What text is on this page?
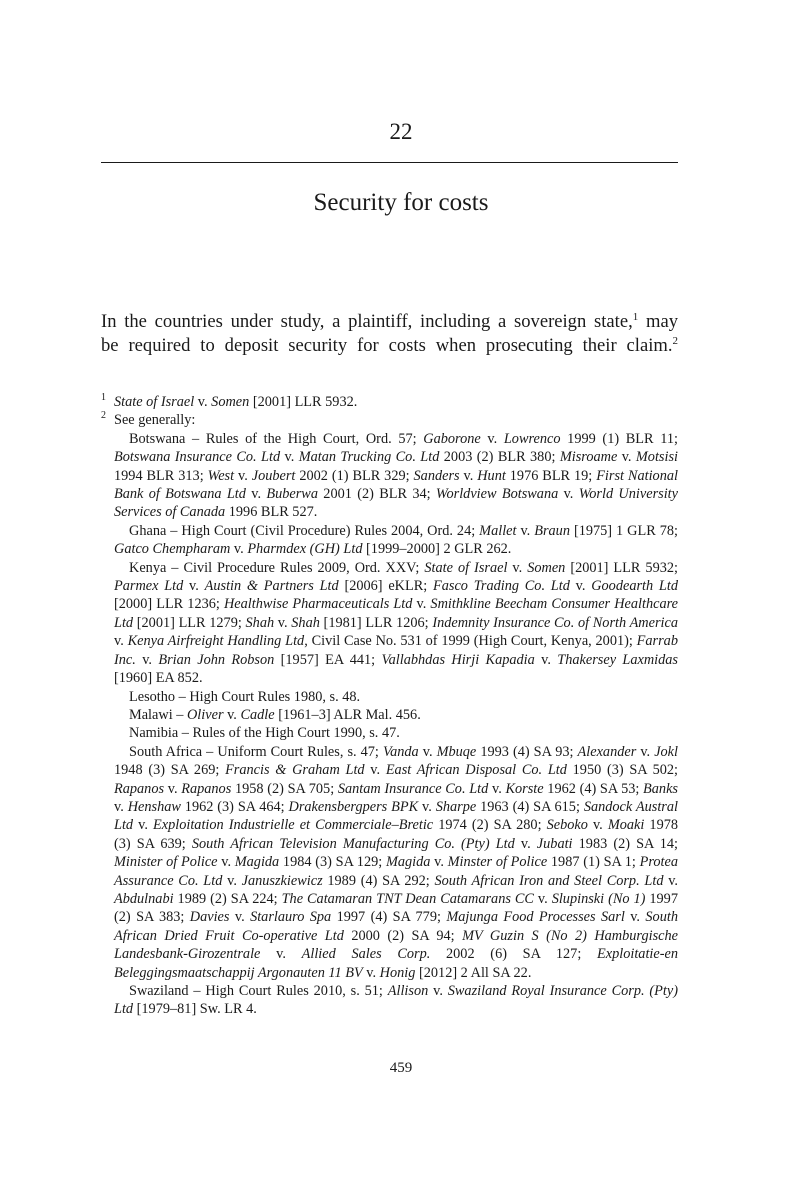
22
Security for costs
In the countries under study, a plaintiff, including a sovereign state,$^1$ may
be required to deposit security for costs when prosecuting their claim.$^2$

1 State of Israel v. Somen [2001] LLR 5932.

2 See generally:

Botswana – Rules of the High Court, Ord. 57; Gaborone v. Lowrenco 1999 (1) BLR 11; Botswana Insurance Co. Ltd v. Matan Trucking Co. Ltd 2003 (2) BLR 380; Misroame v. Motsisi 1994 BLR 313; West v. Joubert 2002 (1) BLR 329; Sanders v. Hunt 1976 BLR 19; First National Bank of Botswana Ltd v. Buberwa 2001 (2) BLR 34; Worldview Botswana v. World University Services of Canada 1996 BLR 527.

Ghana – High Court (Civil Procedure) Rules 2004, Ord. 24; Mallet v. Braun [1975] 1 GLR 78; Gatco Chempharam v. Pharmdex (GH) Ltd [1999–2000] 2 GLR 262.

Kenya – Civil Procedure Rules 2009, Ord. XXV; State of Israel v. Somen [2001] LLR 5932; Parmex Ltd v. Austin & Partners Ltd [2006] eKLR; Fasco Trading Co. Ltd v. Goodearth Ltd [2000] LLR 1236; Healthwise Pharmaceuticals Ltd v. Smithkline Beecham Consumer Healthcare Ltd [2001] LLR 1279; Shah v. Shah [1981] LLR 1206; Indemnity Insurance Co. of North America v. Kenya Airfreight Handling Ltd, Civil Case No. 531 of 1999 (High Court, Kenya, 2001); Farrab Inc. v. Brian John Robson [1957] EA 441; Vallabhdas Hirji Kapadia v. Thakersey Laxmidas [1960] EA 852.

Lesotho – High Court Rules 1980, s. 48.

Malawi – Oliver v. Cadle [1961–3] ALR Mal. 456.

Namibia – Rules of the High Court 1990, s. 47.

South Africa – Uniform Court Rules, s. 47; Vanda v. Mbuqe 1993 (4) SA 93; Alexander v. Jokl 1948 (3) SA 269; Francis & Graham Ltd v. East African Disposal Co. Ltd 1950 (3) SA 502; Rapanos v. Rapanos 1958 (2) SA 705; Santam Insurance Co. Ltd v. Korste 1962 (4) SA 53; Banks v. Henshaw 1962 (3) SA 464; Drakensbergpers BPK v. Sharpe 1963 (4) SA 615; Sandock Austral Ltd v. Exploitation Industrielle et Commerciale–Bretic 1974 (2) SA 280; Seboko v. Moaki 1978 (3) SA 639; South African Television Manufacturing Co. (Pty) Ltd v. Jubati 1983 (2) SA 14; Minister of Police v. Magida 1984 (3) SA 129; Magida v. Minster of Police 1987 (1) SA 1; Protea Assurance Co. Ltd v. Januszkiewicz 1989 (4) SA 292; South African Iron and Steel Corp. Ltd v. Abdulnabi 1989 (2) SA 224; The Catamaran TNT Dean Catamarans CC v. Slupinski (No 1) 1997 (2) SA 383; Davies v. Starlauro Spa 1997 (4) SA 779; Majunga Food Processes Sarl v. South African Dried Fruit Co-operative Ltd 2000 (2) SA 94; MV Guzin S (No 2) Hamburgische Landesbank-Girozentrale v. Allied Sales Corp. 2002 (6) SA 127; Exploitatie-en Beleggingsmaatschappij Argonauten 11 BV v. Honig [2012] 2 All SA 22.

Swaziland – High Court Rules 2010, s. 51; Allison v. Swaziland Royal Insurance Corp. (Pty) Ltd [1979–81] Sw. LR 4.

459
